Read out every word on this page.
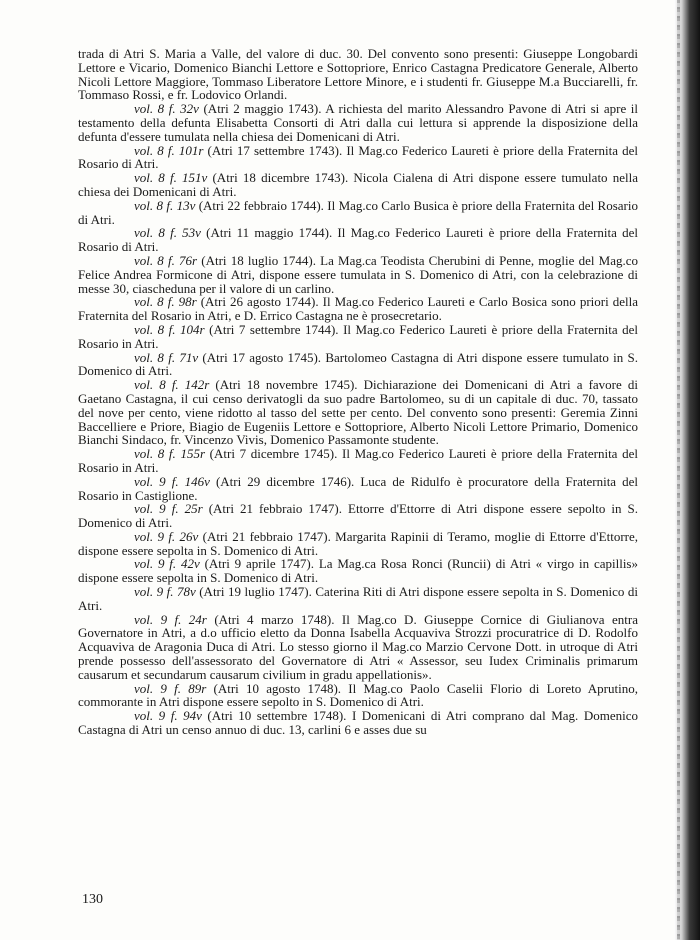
trada di Atri S. Maria a Valle, del valore di duc. 30. Del convento sono presenti: Giuseppe Longobardi Lettore e Vicario, Domenico Bianchi Lettore e Sottopriore, Enrico Castagna Predicatore Generale, Alberto Nicoli Lettore Maggiore, Tommaso Liberatore Lettore Minore, e i studenti fr. Giuseppe M.a Bucciarelli, fr. Tommaso Rossi, e fr. Lodovico Orlandi.

vol. 8 f. 32v (Atri 2 maggio 1743). A richiesta del marito Alessandro Pavone di Atri si apre il testamento della defunta Elisabetta Consorti di Atri dalla cui lettura si apprende la disposizione della defunta d'essere tumulata nella chiesa dei Domenicani di Atri.

vol. 8 f. 101r (Atri 17 settembre 1743). Il Mag.co Federico Laureti è priore della Fraternita del Rosario di Atri.

vol. 8 f. 151v (Atri 18 dicembre 1743). Nicola Cialena di Atri dispone essere tumulato nella chiesa dei Domenicani di Atri.

vol. 8 f. 13v (Atri 22 febbraio 1744). Il Mag.co Carlo Busica è priore della Fraternita del Rosario di Atri.

vol. 8 f. 53v (Atri 11 maggio 1744). Il Mag.co Federico Laureti è priore della Fraternita del Rosario di Atri.

vol. 8 f. 76r (Atri 18 luglio 1744). La Mag.ca Teodista Cherubini di Penne, moglie del Mag.co Felice Andrea Formicone di Atri, dispone essere tumulata in S. Domenico di Atri, con la celebrazione di messe 30, ciascheduna per il valore di un carlino.

vol. 8 f. 98r (Atri 26 agosto 1744). Il Mag.co Federico Laureti e Carlo Bosica sono priori della Fraternita del Rosario in Atri, e D. Errico Castagna ne è prosecretario.

vol. 8 f. 104r (Atri 7 settembre 1744). Il Mag.co Federico Laureti è priore della Fraternita del Rosario in Atri.

vol. 8 f. 71v (Atri 17 agosto 1745). Bartolomeo Castagna di Atri dispone essere tumulato in S. Domenico di Atri.

vol. 8 f. 142r (Atri 18 novembre 1745). Dichiarazione dei Domenicani di Atri a favore di Gaetano Castagna, il cui censo derivatogli da suo padre Bartolomeo, su di un capitale di duc. 70, tassato del nove per cento, viene ridotto al tasso del sette per cento. Del convento sono presenti: Geremia Zinni Baccelliere e Priore, Biagio de Eugeniis Lettore e Sottopriore, Alberto Nicoli Lettore Primario, Domenico Bianchi Sindaco, fr. Vincenzo Vivis, Domenico Passamonte studente.

vol. 8 f. 155r (Atri 7 dicembre 1745). Il Mag.co Federico Laureti è priore della Fraternita del Rosario in Atri.

vol. 9 f. 146v (Atri 29 dicembre 1746). Luca de Ridulfo è procuratore della Fraternita del Rosario in Castiglione.

vol. 9 f. 25r (Atri 21 febbraio 1747). Ettorre d'Ettorre di Atri dispone essere sepolto in S. Domenico di Atri.

vol. 9 f. 26v (Atri 21 febbraio 1747). Margarita Rapinii di Teramo, moglie di Ettorre d'Ettorre, dispone essere sepolta in S. Domenico di Atri.

vol. 9 f. 42v (Atri 9 aprile 1747). La Mag.ca Rosa Ronci (Runcii) di Atri « virgo in capillis» dispone essere sepolta in S. Domenico di Atri.

vol. 9 f. 78v (Atri 19 luglio 1747). Caterina Riti di Atri dispone essere sepolta in S. Domenico di Atri.

vol. 9 f. 24r (Atri 4 marzo 1748). Il Mag.co D. Giuseppe Cornice di Giulianova entra Governatore in Atri, a d.o ufficio eletto da Donna Isabella Acquaviva Strozzi procuratrice di D. Rodolfo Acquaviva de Aragonia Duca di Atri. Lo stesso giorno il Mag.co Marzio Cervone Dott. in utroque di Atri prende possesso dell'assessorato del Governatore di Atri « Assessor, seu Iudex Criminalis primarum causarum et secundarum causarum civilium in gradu appellationis».

vol. 9 f. 89r (Atri 10 agosto 1748). Il Mag.co Paolo Caselii Florio di Loreto Aprutino, commorante in Atri dispone essere sepolto in S. Domenico di Atri.

vol. 9 f. 94v (Atri 10 settembre 1748). I Domenicani di Atri comprano dal Mag. Domenico Castagna di Atri un censo annuo di duc. 13, carlini 6 e asses due su

130
